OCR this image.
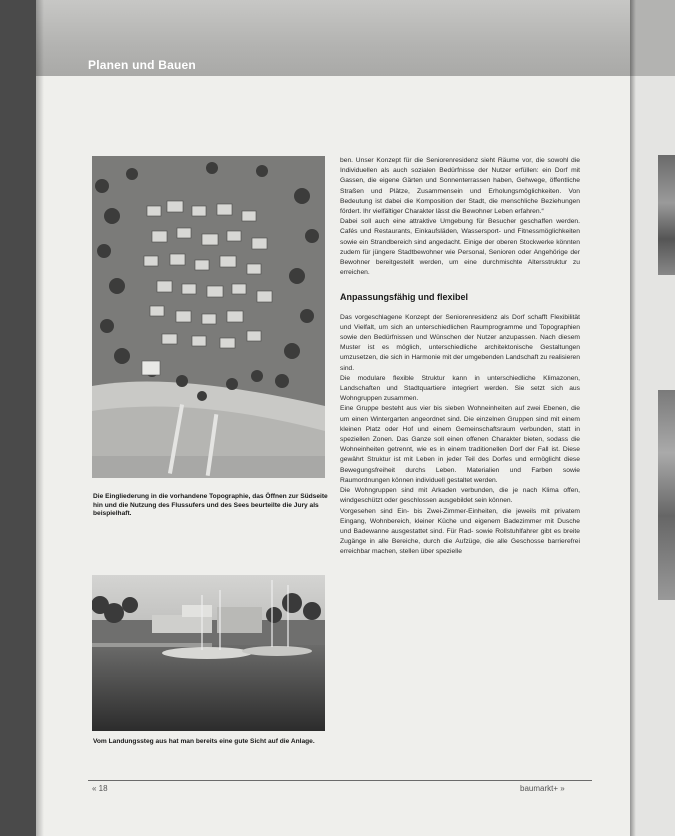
Planen und Bauen
Die Eingliederung in die vorhandene Topographie, das Öffnen zur Südseite hin und die Nutzung des Flussufers und des Sees beurteilte die Jury als beispielhaft.
Vom Landungssteg aus hat man bereits eine gute Sicht auf die Anlage.

ben. Unser Konzept für die Seniorenresidenz sieht Räume vor, die sowohl die Individuellen als auch sozialen Bedürfnisse der Nutzer erfüllen: ein Dorf mit Gassen, die eigene Gärten und Sonnenterrassen haben, Gehwege, öffentliche Straßen und Plätze, Zusammensein und Erholungsmöglichkeiten. Von Bedeutung ist dabei die Komposition der Stadt, die menschliche Beziehungen fördert. Ihr vielfältiger Charakter lässt die Bewohner Leben erfahren.“

Dabei soll auch eine attraktive Umgebung für Besucher geschaffen werden. Cafés und Restaurants, Einkaufsläden, Wassersport- und Fitnessmöglichkeiten sowie ein Strandbereich sind angedacht. Einige der oberen Stockwerke könnten zudem für jüngere Stadtbewohner wie Personal, Senioren oder Angehörige der Bewohner bereitgestellt werden, um eine durchmischte Altersstruktur zu erreichen.

Anpassungsfähig und flexibel

Das vorgeschlagene Konzept der Seniorenresidenz als Dorf schafft Flexibilität und Vielfalt, um sich an unterschiedlichen Raumprogramme und Topographien sowie den Bedürfnissen und Wünschen der Nutzer anzupassen. Nach diesem Muster ist es möglich, unterschiedliche architektonische Gestaltungen umzusetzen, die sich in Harmonie mit der umgebenden Landschaft zu realisieren sind.

Die modulare flexible Struktur kann in unterschiedliche Klimazonen, Landschaften und Stadtquartiere integriert werden. Sie setzt sich aus Wohngruppen zusammen.

Eine Gruppe besteht aus vier bis sieben Wohneinheiten auf zwei Ebenen, die um einen Wintergarten angeordnet sind. Die einzelnen Gruppen sind mit einem kleinen Platz oder Hof und einem Gemeinschaftsraum verbunden, statt in speziellen Zonen. Das Ganze soll einen offenen Charakter bieten, sodass die Wohneinheiten getrennt, wie es in einem traditionellen Dorf der Fall ist. Diese gewährt Struktur ist mit Leben in jeder Teil des Dorfes und ermöglicht diese Bewegungsfreiheit durchs Leben. Materialien und Farben sowie Raumordnungen können individuell gestaltet werden.

Die Wohngruppen sind mit Arkaden verbunden, die je nach Klima offen, windgeschützt oder geschlossen ausgebildet sein können.

Vorgesehen sind Ein- bis Zwei-Zimmer-Einheiten, die jeweils mit privatem Eingang, Wohnbereich, kleiner Küche und eigenem Badezimmer mit Dusche und Badewanne ausgestattet sind. Für Rad- sowie Rollstuhlfahrer gibt es breite Zugänge in alle Bereiche, durch die Aufzüge, die alle Geschosse barrierefrei erreichbar machen, stellen über spezielle

« 18	baumarkt+ »
